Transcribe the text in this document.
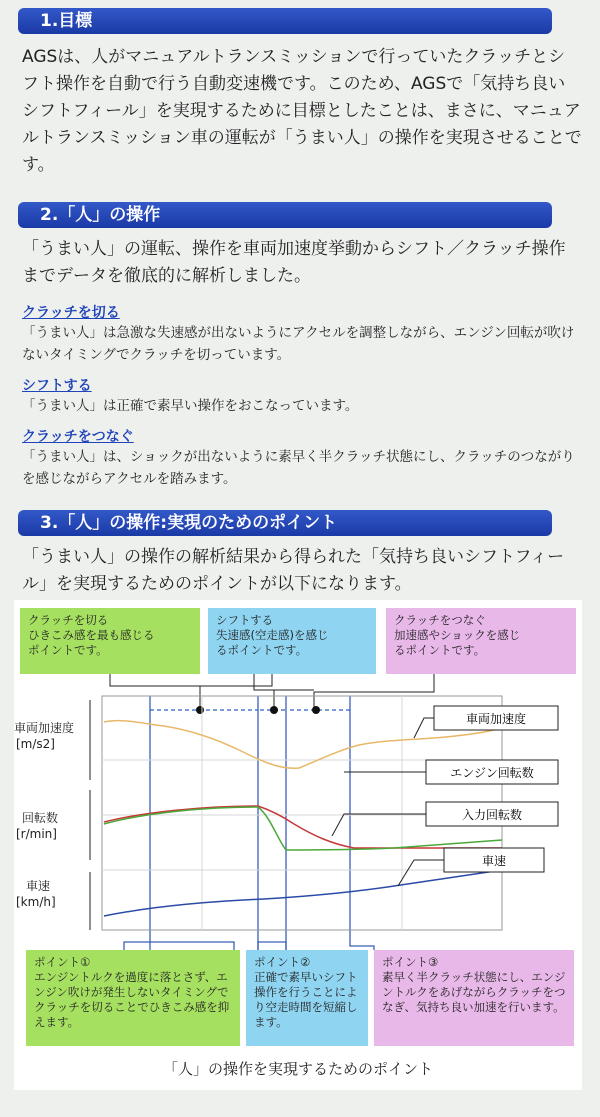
1.目標
AGSは、人がマニュアルトランスミッションで行っていたクラッチとシフト操作を自動で行う自動変速機です。このため、AGSで「気持ち良いシフトフィール」を実現するために目標としたことは、まさに、マニュアルトランスミッション車の運転が「うまい人」の操作を実現させることです。
2.「人」の操作
「うまい人」の運転、操作を車両加速度挙動からシフト／クラッチ操作までデータを徹底的に解析しました。
クラッチを切る
「うまい人」は急激な失速感が出ないようにアクセルを調整しながら、エンジン回転が吹けないタイミングでクラッチを切っています。
シフトする
「うまい人」は正確で素早い操作をおこなっています。
クラッチをつなぐ
「うまい人」は、ショックが出ないように素早く半クラッチ状態にし、クラッチのつながりを感じながらアクセルを踏みます。
3.「人」の操作:実現のためのポイント
「うまい人」の操作の解析結果から得られた「気持ち良いシフトフィール」を実現するためのポイントが以下になります。
クラッチを切る
ひきこみ感を最も感じる
ポイントです。
シフトする
失速感(空走感)を感じ
るポイントです。
クラッチをつなぐ
加速感やショックを感じ
るポイントです。
車両加速度
[m/s2]
回転数
[r/min]
車速
[km/h]
車両加速度
エンジン回転数
入力回転数
車速
ポイント①
エンジントルクを過度に落とさず、エンジン吹けが発生しないタイミングでクラッチを切ることでひきこみ感を抑えます。
ポイント②
正確で素早いシフト操作を行うことにより空走時間を短縮します。
ポイント③
素早く半クラッチ状態にし、エンジントルクをあげながらクラッチをつなぎ、気持ち良い加速を行います。
「人」の操作を実現するためのポイント
